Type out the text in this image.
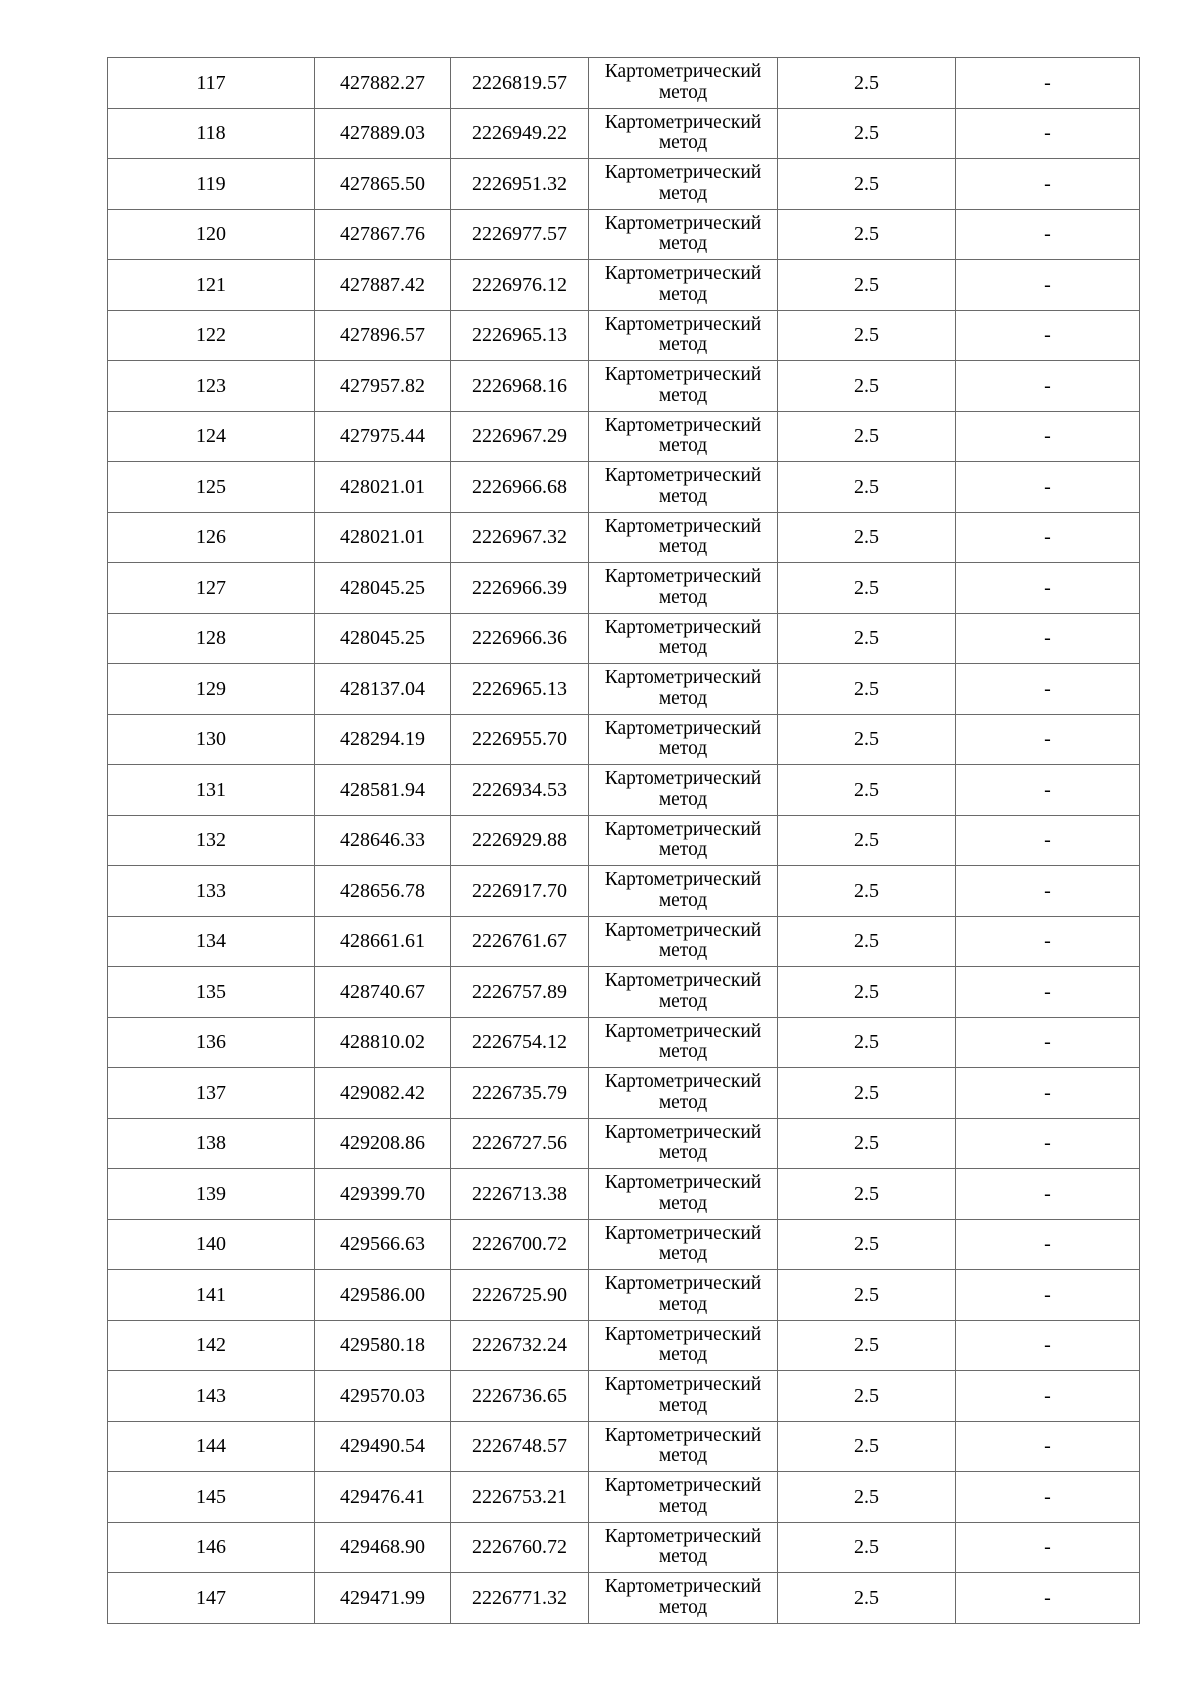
117	427882.27	2226819.57	Картометрический метод	2.5	-
118	427889.03	2226949.22	Картометрический метод	2.5	-
119	427865.50	2226951.32	Картометрический метод	2.5	-
120	427867.76	2226977.57	Картометрический метод	2.5	-
121	427887.42	2226976.12	Картометрический метод	2.5	-
122	427896.57	2226965.13	Картометрический метод	2.5	-
123	427957.82	2226968.16	Картометрический метод	2.5	-
124	427975.44	2226967.29	Картометрический метод	2.5	-
125	428021.01	2226966.68	Картометрический метод	2.5	-
126	428021.01	2226967.32	Картометрический метод	2.5	-
127	428045.25	2226966.39	Картометрический метод	2.5	-
128	428045.25	2226966.36	Картометрический метод	2.5	-
129	428137.04	2226965.13	Картометрический метод	2.5	-
130	428294.19	2226955.70	Картометрический метод	2.5	-
131	428581.94	2226934.53	Картометрический метод	2.5	-
132	428646.33	2226929.88	Картометрический метод	2.5	-
133	428656.78	2226917.70	Картометрический метод	2.5	-
134	428661.61	2226761.67	Картометрический метод	2.5	-
135	428740.67	2226757.89	Картометрический метод	2.5	-
136	428810.02	2226754.12	Картометрический метод	2.5	-
137	429082.42	2226735.79	Картометрический метод	2.5	-
138	429208.86	2226727.56	Картометрический метод	2.5	-
139	429399.70	2226713.38	Картометрический метод	2.5	-
140	429566.63	2226700.72	Картометрический метод	2.5	-
141	429586.00	2226725.90	Картометрический метод	2.5	-
142	429580.18	2226732.24	Картометрический метод	2.5	-
143	429570.03	2226736.65	Картометрический метод	2.5	-
144	429490.54	2226748.57	Картометрический метод	2.5	-
145	429476.41	2226753.21	Картометрический метод	2.5	-
146	429468.90	2226760.72	Картометрический метод	2.5	-
147	429471.99	2226771.32	Картометрический метод	2.5	-
